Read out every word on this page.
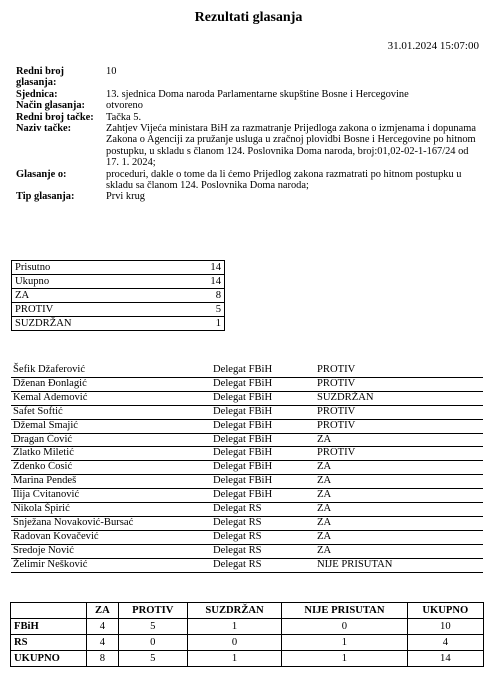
Rezultati glasanja
31.01.2024 15:07:00
Redni broj glasanja:	10
Sjednica:	13. sjednica Doma naroda Parlamentarne skupštine Bosne i Hercegovine
Način glasanja:	otvoreno
Redni broj tačke:	Tačka 5.
Naziv tačke:	Zahtjev Vijeća ministara BiH za razmatranje Prijedloga zakona o izmjenama i dopunama Zakona o Agenciji za pružanje usluga u zračnoj plovidbi Bosne i Hercegovine po hitnom postupku, u skladu s članom 124. Poslovnika Doma naroda, broj:01,02-02-1-167/24 od 17. 1. 2024;
Glasanje o:	proceduri, dakle o tome da li ćemo Prijedlog zakona razmatrati po hitnom postupku u skladu sa članom 124. Poslovnika Doma naroda;
Tip glasanja:	Prvi krug
Prisutno	14
Ukupno	14
ZA	8
PROTIV	5
SUZDRŽAN	1
Šefik Džaferović	Delegat FBiH	PROTIV
Dženan Đonlagić	Delegat FBiH	PROTIV
Kemal Ademović	Delegat FBiH	SUZDRŽAN
Safet Softić	Delegat FBiH	PROTIV
Džemal Smajić	Delegat FBiH	PROTIV
Dragan Čović	Delegat FBiH	ZA
Zlatko Miletić	Delegat FBiH	PROTIV
Zdenko Ćosić	Delegat FBiH	ZA
Marina Pendeš	Delegat FBiH	ZA
Ilija Cvitanović	Delegat FBiH	ZA
Nikola Špirić	Delegat RS	ZA
Snježana Novaković-Bursać	Delegat RS	ZA
Radovan Kovačević	Delegat RS	ZA
Sredoje Nović	Delegat RS	ZA
Želimir Nešković	Delegat RS	NIJE PRISUTAN
	ZA	PROTIV	SUZDRŽAN	NIJE PRISUTAN	UKUPNO
FBiH	4	5	1	0	10
RS	4	0	0	1	4
UKUPNO	8	5	1	1	14
